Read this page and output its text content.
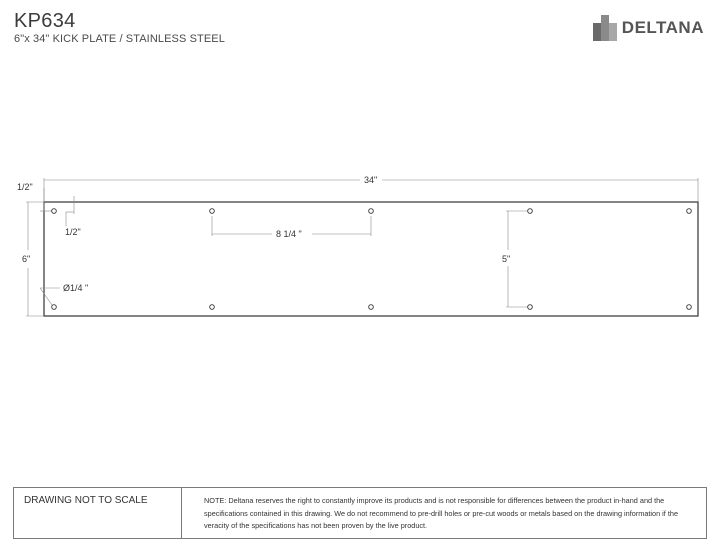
KP634
6"x 34" KICK PLATE / STAINLESS STEEL
DELTANA
34"
1/2"
6"
1/2"	8 1/4 "
5"
Ø1/4 "
DRAWING NOT TO SCALE	NOTE: Deltana reserves the right to constantly improve its products and is not responsible for differences between the product in-hand and the specifications contained in this drawing. We do not recommend to pre-drill holes or pre-cut woods or metals based on the drawing information if the veracity of the specifications has not been proven by the live product.
